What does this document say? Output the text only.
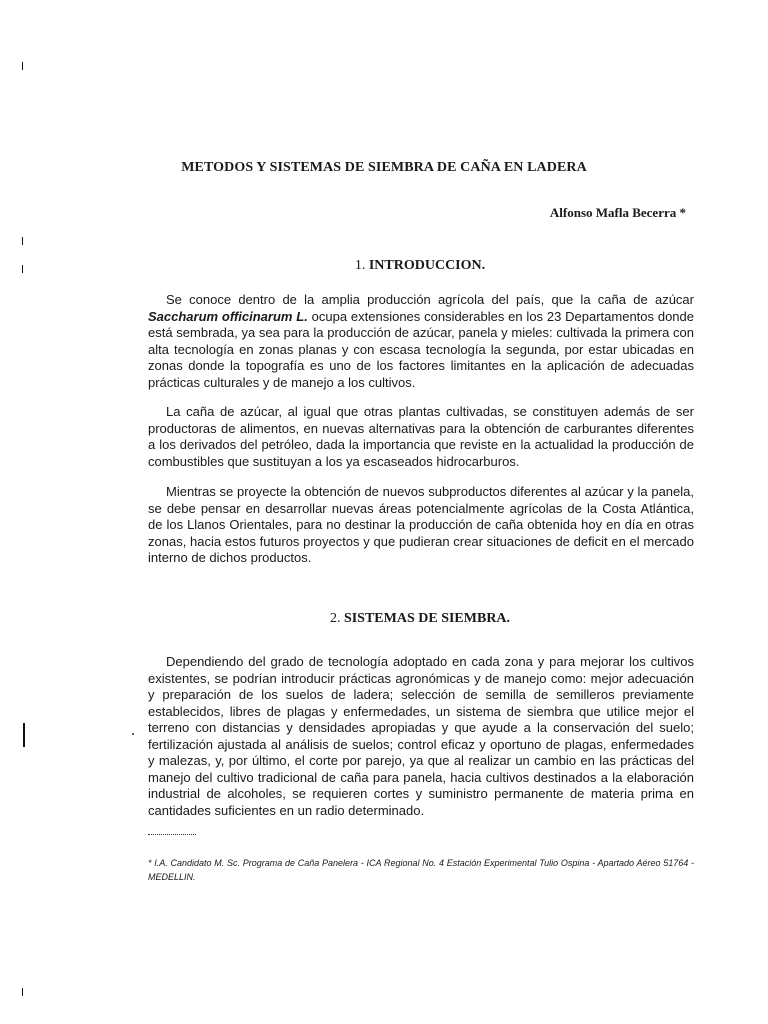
METODOS Y SISTEMAS DE SIEMBRA DE CAÑA EN LADERA
Alfonso Mafla Becerra *
1. INTRODUCCION.

Se conoce dentro de la amplia producción agrícola del país, que la caña de azúcar Saccharum officinarum L. ocupa extensiones considerables en los 23 Departamentos donde está sembrada, ya sea para la producción de azúcar, panela y mieles: cultivada la primera con alta tecnología en zonas planas y con escasa tecnología la segunda, por estar ubicadas en zonas donde la topografía es uno de los factores limitantes en la aplicación de adecuadas prácticas culturales y de manejo a los cultivos.

La caña de azúcar, al igual que otras plantas cultivadas, se constituyen además de ser productoras de alimentos, en nuevas alternativas para la obtención de carburantes diferentes a los derivados del petróleo, dada la importancia que reviste en la actualidad la producción de combustibles que sustituyan a los ya escaseados hidrocarburos.

Mientras se proyecte la obtención de nuevos subproductos diferentes al azúcar y la panela, se debe pensar en desarrollar nuevas áreas potencialmente agrícolas de la Costa Atlántica, de los Llanos Orientales, para no destinar la producción de caña obtenida hoy en día en otras zonas, hacia estos futuros proyectos y que pudieran crear situaciones de deficit en el mercado interno de dichos productos.

2. SISTEMAS DE SIEMBRA.

Dependiendo del grado de tecnología adoptado en cada zona y para mejorar los cultivos existentes, se podrían introducir prácticas agronómicas y de manejo como: mejor adecuación y preparación de los suelos de ladera; selección de semilla de semilleros previamente establecidos, libres de plagas y enfermedades, un sistema de siembra que utilice mejor el terreno con distancias y densidades apropiadas y que ayude a la conservación del suelo; fertilización ajustada al análisis de suelos; control eficaz y oportuno de plagas, enfermedades y malezas, y, por último, el corte por parejo, ya que al realizar un cambio en las prácticas del manejo del cultivo tradicional de caña para panela, hacia cultivos destinados a la elaboración industrial de alcoholes, se requieren cortes y suministro permanente de materia prima en cantidades suficientes en un radio determinado.

* I.A. Candidato M. Sc. Programa de Caña Panelera - ICA Regional No. 4 Estación Experimental Tulio Ospina - Apartado Aéreo 51764 - MEDELLIN.
